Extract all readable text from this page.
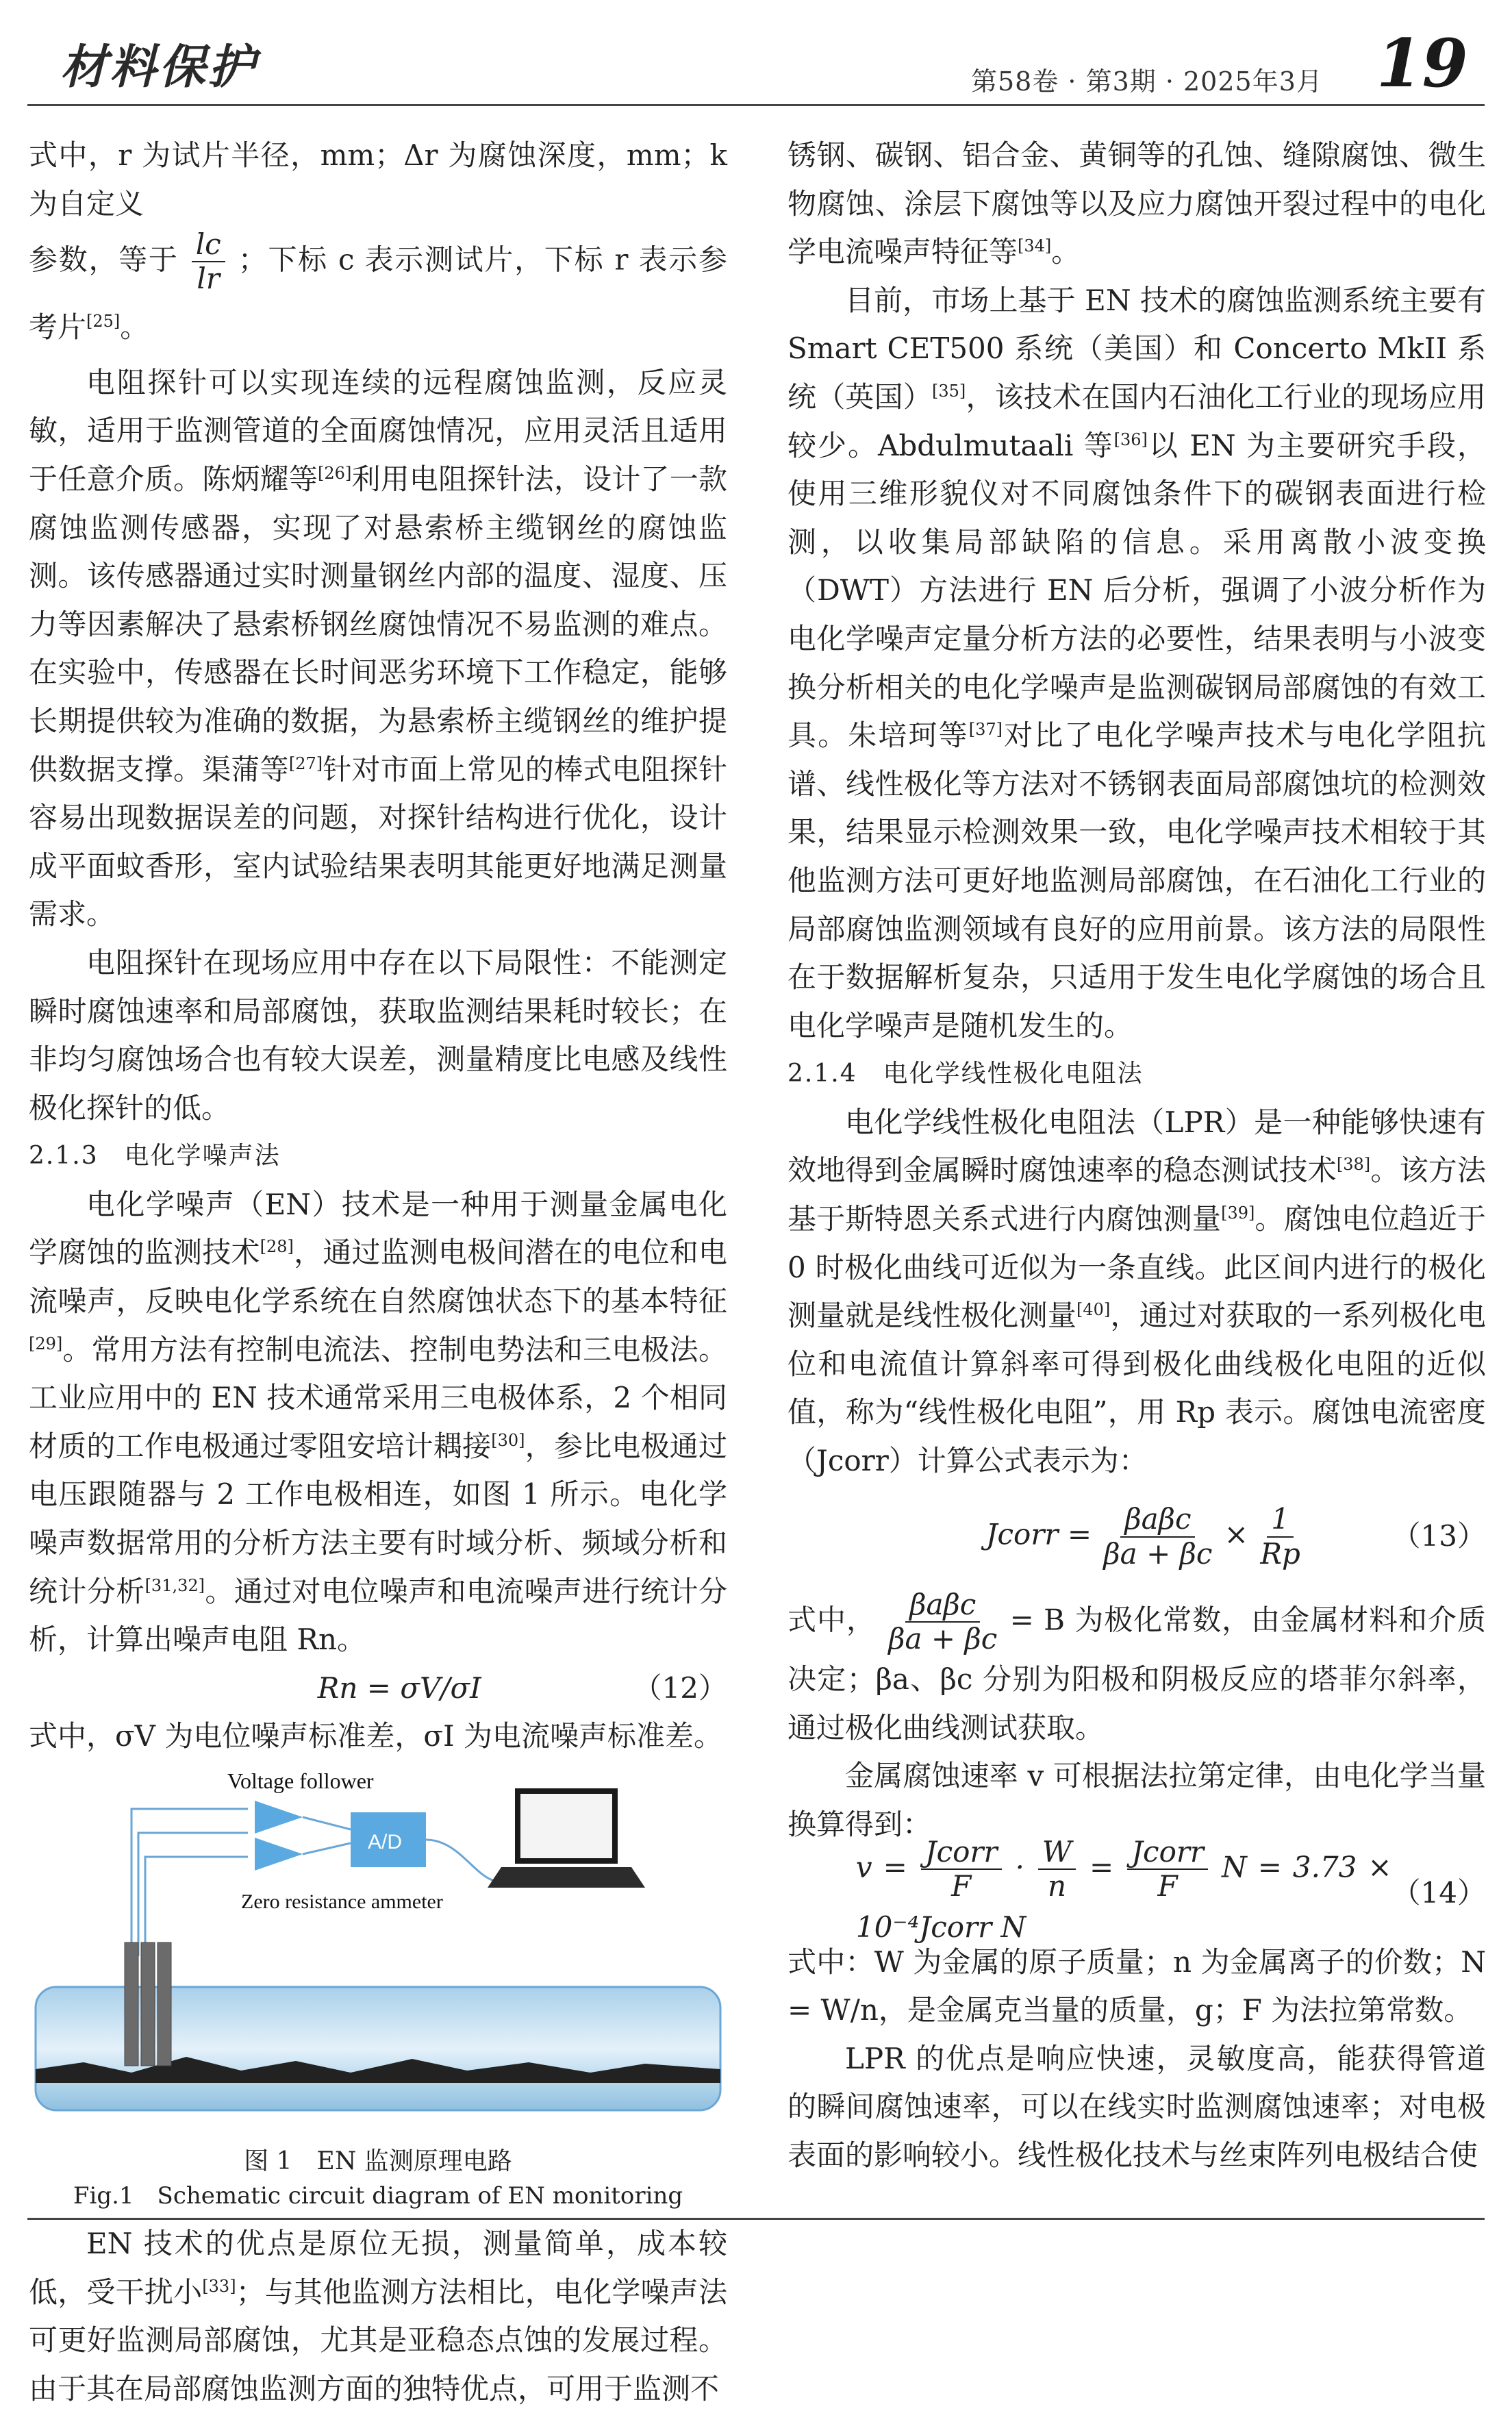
材料保护	第58卷 · 第3期 · 2025年3月 19

式中，r 为试片半径，mm；Δr 为腐蚀深度，mm；k 为自定义

参数，等于 $\frac{lc}{lr}$ ；下标 c 表示测试片，下标 r 表示参考片[25]。

电阻探针可以实现连续的远程腐蚀监测，反应灵敏，适用于监测管道的全面腐蚀情况，应用灵活且适用于任意介质。陈炳耀等[26]利用电阻探针法，设计了一款腐蚀监测传感器，实现了对悬索桥主缆钢丝的腐蚀监测。该传感器通过实时测量钢丝内部的温度、湿度、压力等因素解决了悬索桥钢丝腐蚀情况不易监测的难点。在实验中，传感器在长时间恶劣环境下工作稳定，能够长期提供较为准确的数据，为悬索桥主缆钢丝的维护提供数据支撑。渠蒲等[27]针对市面上常见的棒式电阻探针容易出现数据误差的问题，对探针结构进行优化，设计成平面蚊香形，室内试验结果表明其能更好地满足测量需求。

电阻探针在现场应用中存在以下局限性：不能测定瞬时腐蚀速率和局部腐蚀，获取监测结果耗时较长；在非均匀腐蚀场合也有较大误差，测量精度比电感及线性极化探针的低。

2.1.3　 电化学噪声法

电化学噪声（EN）技术是一种用于测量金属电化学腐蚀的监测技术[28]，通过监测电极间潜在的电位和电流噪声，反映电化学系统在自然腐蚀状态下的基本特征[29]。常用方法有控制电流法、控制电势法和三电极法。工业应用中的 EN 技术通常采用三电极体系，2 个相同材质的工作电极通过零阻安培计耦接[30]，参比电极通过电压跟随器与 2 工作电极相连，如图 1 所示。电化学噪声数据常用的分析方法主要有时域分析、频域分析和统计分析[31,32]。通过对电位噪声和电流噪声进行统计分析，计算出噪声电阻 Rn。

Rn = σV/σI	（12）

式中，σV 为电位噪声标准差，σI 为电流噪声标准差。

Voltage follower
A/D
Zero resistance ammeter
图 1　EN 监测原理电路
Fig.1　Schematic circuit diagram of EN monitoring

EN 技术的优点是原位无损，测量简单，成本较低，受干扰小[33]；与其他监测方法相比，电化学噪声法可更好监测局部腐蚀，尤其是亚稳态点蚀的发展过程。由于其在局部腐蚀监测方面的独特优点，可用于监测不

锈钢、碳钢、铝合金、黄铜等的孔蚀、缝隙腐蚀、微生物腐蚀、涂层下腐蚀等以及应力腐蚀开裂过程中的电化学电流噪声特征等[34]。

目前，市场上基于 EN 技术的腐蚀监测系统主要有 Smart CET500 系统（美国）和 Concerto MkII 系统（英国）[35]，该技术在国内石油化工行业的现场应用较少。Abdulmutaali 等[36]以 EN 为主要研究手段，使用三维形貌仪对不同腐蚀条件下的碳钢表面进行检测，以收集局部缺陷的信息。采用离散小波变换（DWT）方法进行 EN 后分析，强调了小波分析作为电化学噪声定量分析方法的必要性，结果表明与小波变换分析相关的电化学噪声是监测碳钢局部腐蚀的有效工具。朱培珂等[37]对比了电化学噪声技术与电化学阻抗谱、线性极化等方法对不锈钢表面局部腐蚀坑的检测效果，结果显示检测效果一致，电化学噪声技术相较于其他监测方法可更好地监测局部腐蚀，在石油化工行业的局部腐蚀监测领域有良好的应用前景。该方法的局限性在于数据解析复杂，只适用于发生电化学腐蚀的场合且电化学噪声是随机发生的。

2.1.4　 电化学线性极化电阻法

电化学线性极化电阻法（LPR）是一种能够快速有效地得到金属瞬时腐蚀速率的稳态测试技术[38]。该方法基于斯特恩关系式进行内腐蚀测量[39]。腐蚀电位趋近于 0 时极化曲线可近似为一条直线。此区间内进行的极化测量就是线性极化测量[40]，通过对获取的一系列极化电位和电流值计算斜率可得到极化曲线极化电阻的近似值，称为“线性极化电阻”，用 Rp 表示。腐蚀电流密度（Jcorr）计算公式表示为：

Jcorr = $\frac{\text{βaβc}}{\beta a + \beta c} \times \frac{1}{Rp}$	（13）

式中， $\frac{\text{βaβc}}{\beta a + \beta c} = B$ 为极化常数，由金属材料和介质决定；βa、βc 分别为阳极和阴极反应的塔菲尔斜率，通过极化曲线测试获取。

金属腐蚀速率 v 可根据法拉第定律，由电化学当量换算得到：

$v = \frac{\text{Jcorr}}{F} \cdot \frac{W}{n} = \frac{\text{Jcorr}}{F}$ N = 3.73 × 10⁻⁴Jcorr N
（14）

式中：W 为金属的原子质量；n 为金属离子的价数；N = W/n，是金属克当量的质量，g；F 为法拉第常数。

LPR 的优点是响应快速，灵敏度高，能获得管道的瞬间腐蚀速率，可以在线实时监测腐蚀速率；对电极表面的影响较小。线性极化技术与丝束阵列电极结合使
